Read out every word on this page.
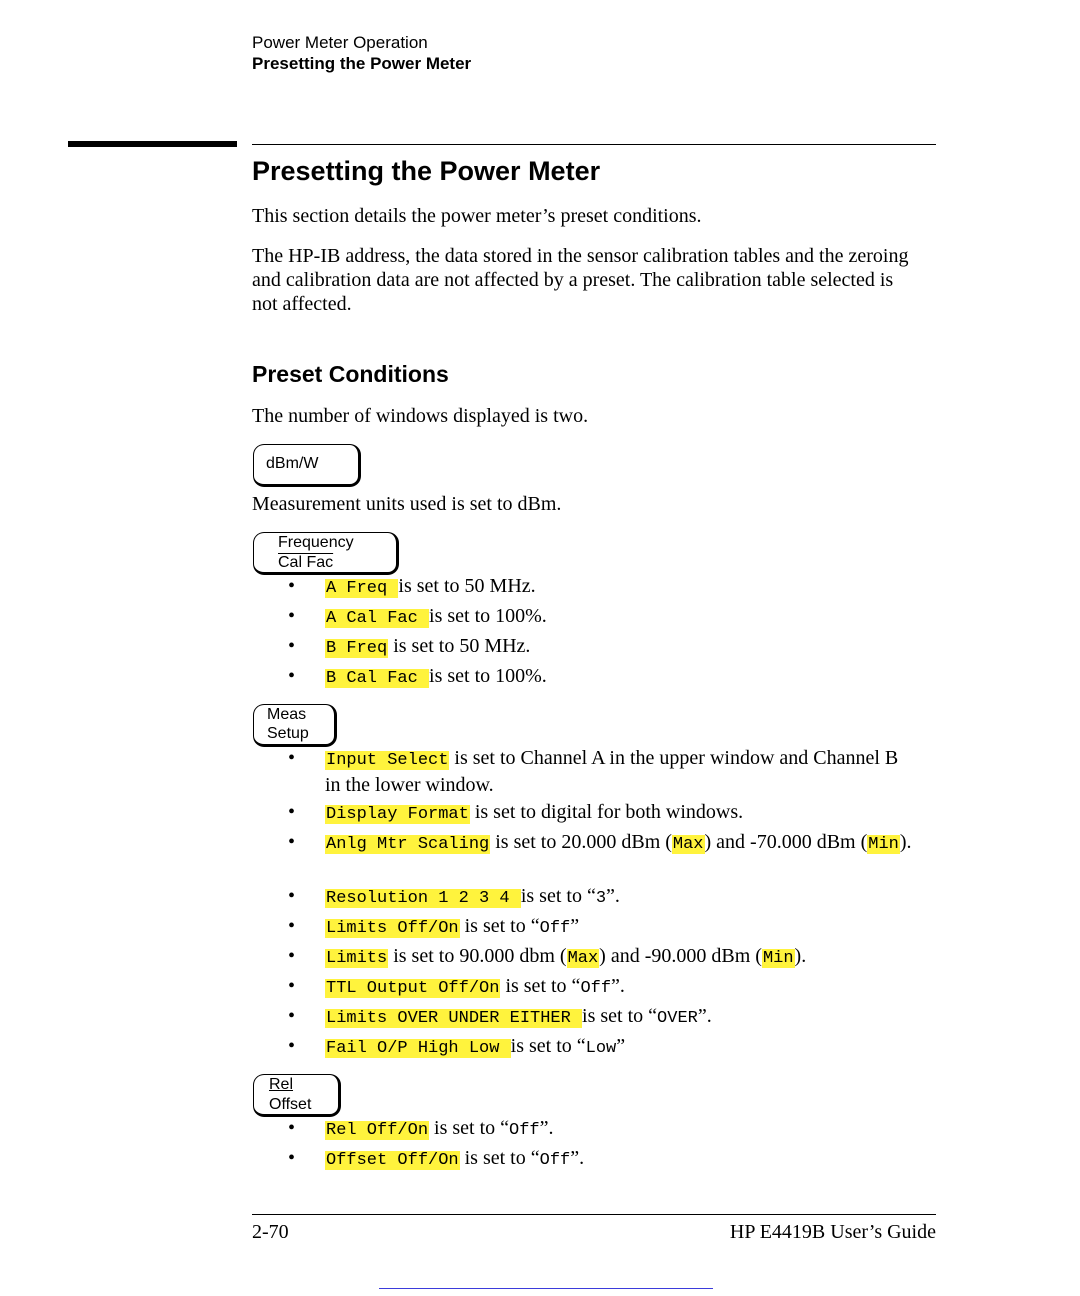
Power Meter Operation
Presetting the Power Meter
Presetting the Power Meter
This section details the power meter’s preset conditions.
The HP-IB address, the data stored in the sensor calibration tables and the zeroing and calibration data are not affected by a preset. The calibration table selected is not affected.
Preset Conditions
The number of windows displayed is two.
dBm/W
Measurement units used is set to dBm.
Frequency
Cal Fac
• A Freq is set to 50 MHz.
• A Cal Fac is set to 100%.
• B Freq is set to 50 MHz.
• B Cal Fac is set to 100%.
Meas
Setup
• Input Select is set to Channel A in the upper window and Channel B in the lower window.
• Display Format is set to digital for both windows.
• Anlg Mtr Scaling is set to 20.000 dBm (Max) and -70.000 dBm (Min).
• Resolution 1 2 3 4 is set to “3”.
• Limits Off/On is set to “Off”
• Limits is set to 90.000 dbm (Max) and -90.000 dBm (Min).
• TTL Output Off/On is set to “Off”.
• Limits OVER UNDER EITHER is set to “OVER”.
• Fail O/P High Low is set to “Low”
Rel
Offset
• Rel Off/On is set to “Off”.
• Offset Off/On is set to “Off”.
2-70	HP E4419B User’s Guide
